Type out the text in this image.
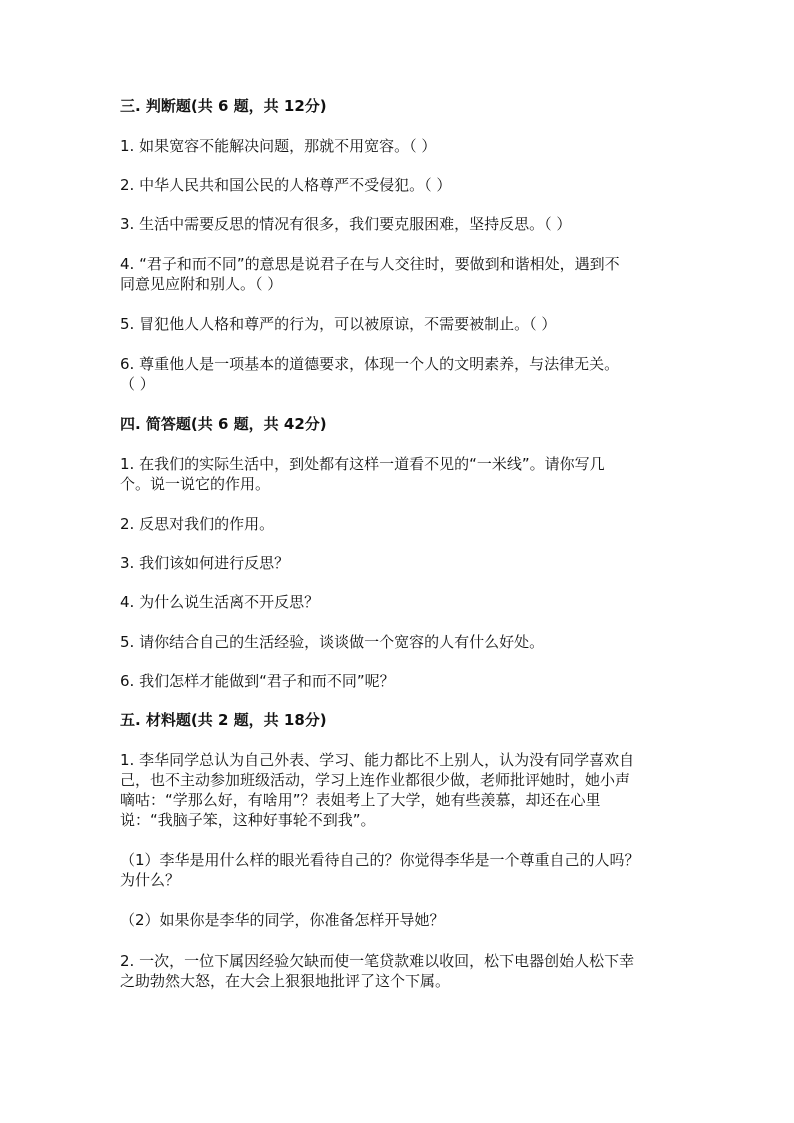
三. 判断题(共 6 题，共 12分)
1. 如果宽容不能解决问题，那就不用宽容。（ ）
2. 中华人民共和国公民的人格尊严不受侵犯。（ ）
3. 生活中需要反思的情况有很多，我们要克服困难，坚持反思。（ ）
4. “君子和而不同”的意思是说君子在与人交往时，要做到和谐相处，遇到不
同意见应附和别人。（ ）
5. 冒犯他人人格和尊严的行为，可以被原谅，不需要被制止。（ ）
6. 尊重他人是一项基本的道德要求，体现一个人的文明素养，与法律无关。
（ ）
四. 简答题(共 6 题，共 42分)
1. 在我们的实际生活中，到处都有这样一道看不见的“一米线”。请你写几
个。说一说它的作用。
2. 反思对我们的作用。
3. 我们该如何进行反思？
4. 为什么说生活离不开反思？
5. 请你结合自己的生活经验，谈谈做一个宽容的人有什么好处。
6. 我们怎样才能做到“君子和而不同”呢？
五. 材料题(共 2 题，共 18分)
1. 李华同学总认为自己外表、学习、能力都比不上别人，认为没有同学喜欢自
己，也不主动参加班级活动，学习上连作业都很少做，老师批评她时，她小声
嘀咕：“学那么好，有啥用”？表姐考上了大学，她有些羡慕，却还在心里
说：“我脑子笨，这种好事轮不到我”。
（1）李华是用什么样的眼光看待自己的？你觉得李华是一个尊重自己的人吗？
为什么？
（2）如果你是李华的同学，你准备怎样开导她？
2. 一次，一位下属因经验欠缺而使一笔贷款难以收回，松下电器创始人松下幸
之助勃然大怒，在大会上狠狠地批评了这个下属。
